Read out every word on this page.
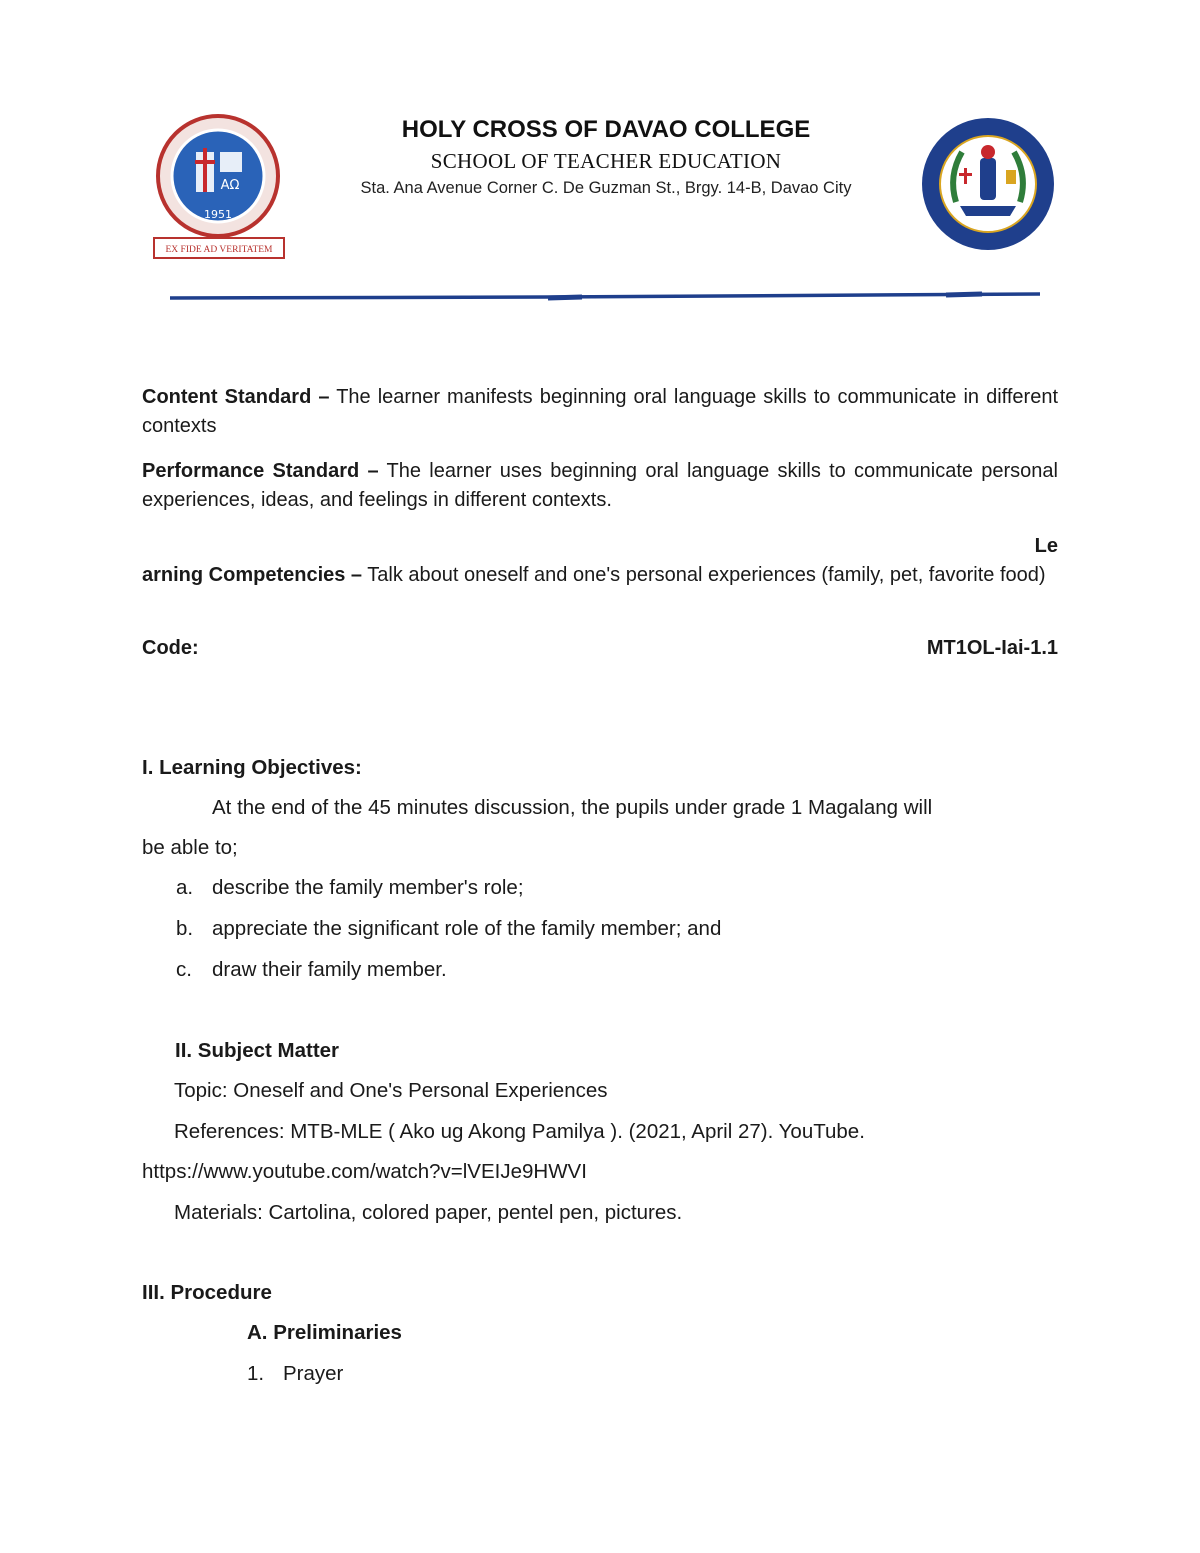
AΩ
1951
EX FIDE AD VERITATEM
HOLY CROSS OF DAVAO COLLEGE
SCHOOL OF TEACHER EDUCATION
Sta. Ana Avenue Corner C. De Guzman St., Brgy. 14-B, Davao City
Content Standard – The learner manifests beginning oral language skills to communicate in different contexts
Performance Standard – The learner uses beginning oral language skills to communicate personal experiences, ideas, and feelings in different contexts.
Le
arning Competencies – Talk about oneself and one's personal experiences (family, pet, favorite food)
Code:	MT1OL-Iai-1.1
I. Learning Objectives:
At the end of the 45 minutes discussion, the pupils under grade 1 Magalang will
be able to;
a. describe the family member's role;
b. appreciate the significant role of the family member; and
c. draw their family member.
II. Subject Matter
Topic: Oneself and One's Personal Experiences
References: MTB-MLE ( Ako ug Akong Pamilya ). (2021, April 27). YouTube.
https://www.youtube.com/watch?v=lVEIJe9HWVI
Materials: Cartolina, colored paper, pentel pen, pictures.
III. Procedure
A. Preliminaries
1. Prayer
